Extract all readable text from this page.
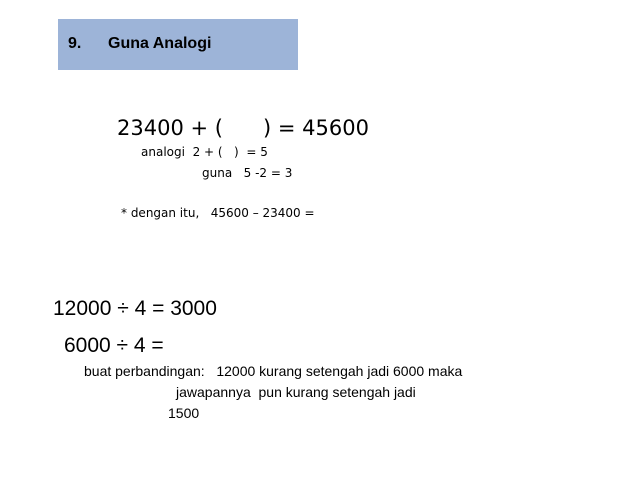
9. Guna Analogi
23400 + (      ) = 45600
analogi  2 + (   )  = 5
guna   5 -2 = 3
* dengan itu,   45600 – 23400 =
12000 ÷ 4 = 3000
6000 ÷ 4 =
buat perbandingan:   12000 kurang setengah jadi 6000 maka
jawapannya  pun kurang setengah jadi
1500
